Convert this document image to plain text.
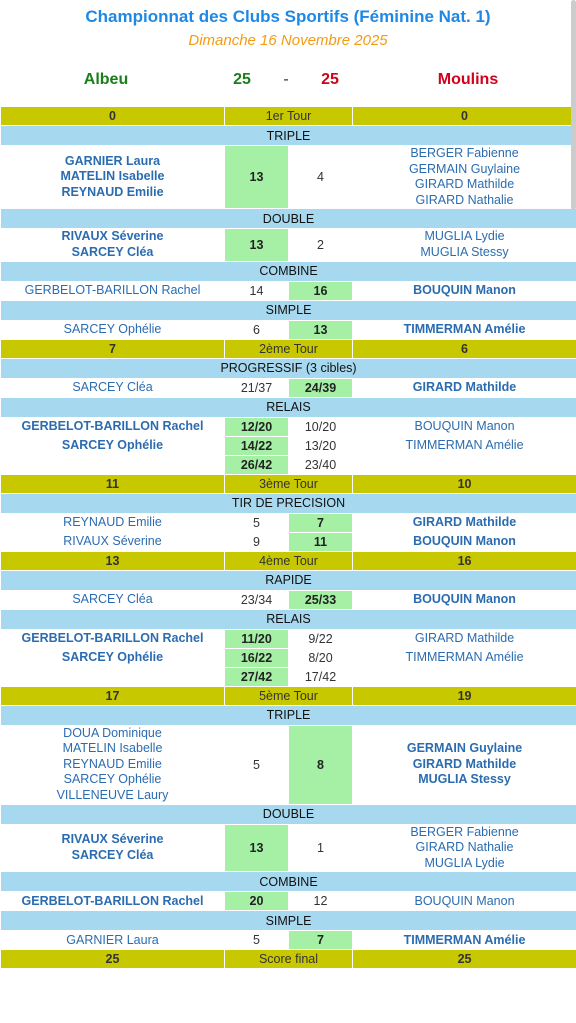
Championnat des Clubs Sportifs (Féminine Nat. 1)
Dimanche 16 Novembre 2025
Albeu	25	-	25	Moulins
0	1er Tour		0
TRIPLE			

GARNIER Laura
MATELIN Isabelle
REYNAUD Emilie	13	4	BERGER Fabienne
GERMAIN Guylaine
GIRARD Mathilde
GIRARD Nathalie

DOUBLE			

RIVAUX Séverine
SARCEY Cléa	13	2	MUGLIA Lydie
MUGLIA Stessy

COMBINE			

GERBELOT-BARILLON Rachel	14	16	BOUQUIN Manon

SIMPLE			

SARCEY Ophélie	6	13	TIMMERMAN Amélie

7	2ème Tour		6
PROGRESSIF (3 cibles)			

SARCEY Cléa	21/37	24/39	GIRARD Mathilde

RELAIS			

GERBELOT-BARILLON Rachel	12/20	10/20	BOUQUIN Manon

SARCEY Ophélie	14/22	13/20	TIMMERMAN Amélie

	26/42	23/40	
11	3ème Tour		10
TIR DE PRECISION			

REYNAUD Emilie	5	7	GIRARD Mathilde

RIVAUX Séverine	9	11	BOUQUIN Manon

13	4ème Tour		16
RAPIDE			

SARCEY Cléa	23/34	25/33	BOUQUIN Manon

RELAIS			

GERBELOT-BARILLON Rachel	11/20	9/22	GIRARD Mathilde

SARCEY Ophélie	16/22	8/20	TIMMERMAN Amélie

	27/42	17/42	
17	5ème Tour		19
TRIPLE			

DOUA Dominique
MATELIN Isabelle
REYNAUD Emilie
SARCEY Ophélie
VILLENEUVE Laury	5	8	GERMAIN Guylaine
GIRARD Mathilde
MUGLIA Stessy

DOUBLE			

RIVAUX Séverine
SARCEY Cléa	13	1	BERGER Fabienne
GIRARD Nathalie
MUGLIA Lydie

COMBINE			

GERBELOT-BARILLON Rachel	20	12	BOUQUIN Manon

SIMPLE			

GARNIER Laura	5	7	TIMMERMAN Amélie

25	Score final		25
